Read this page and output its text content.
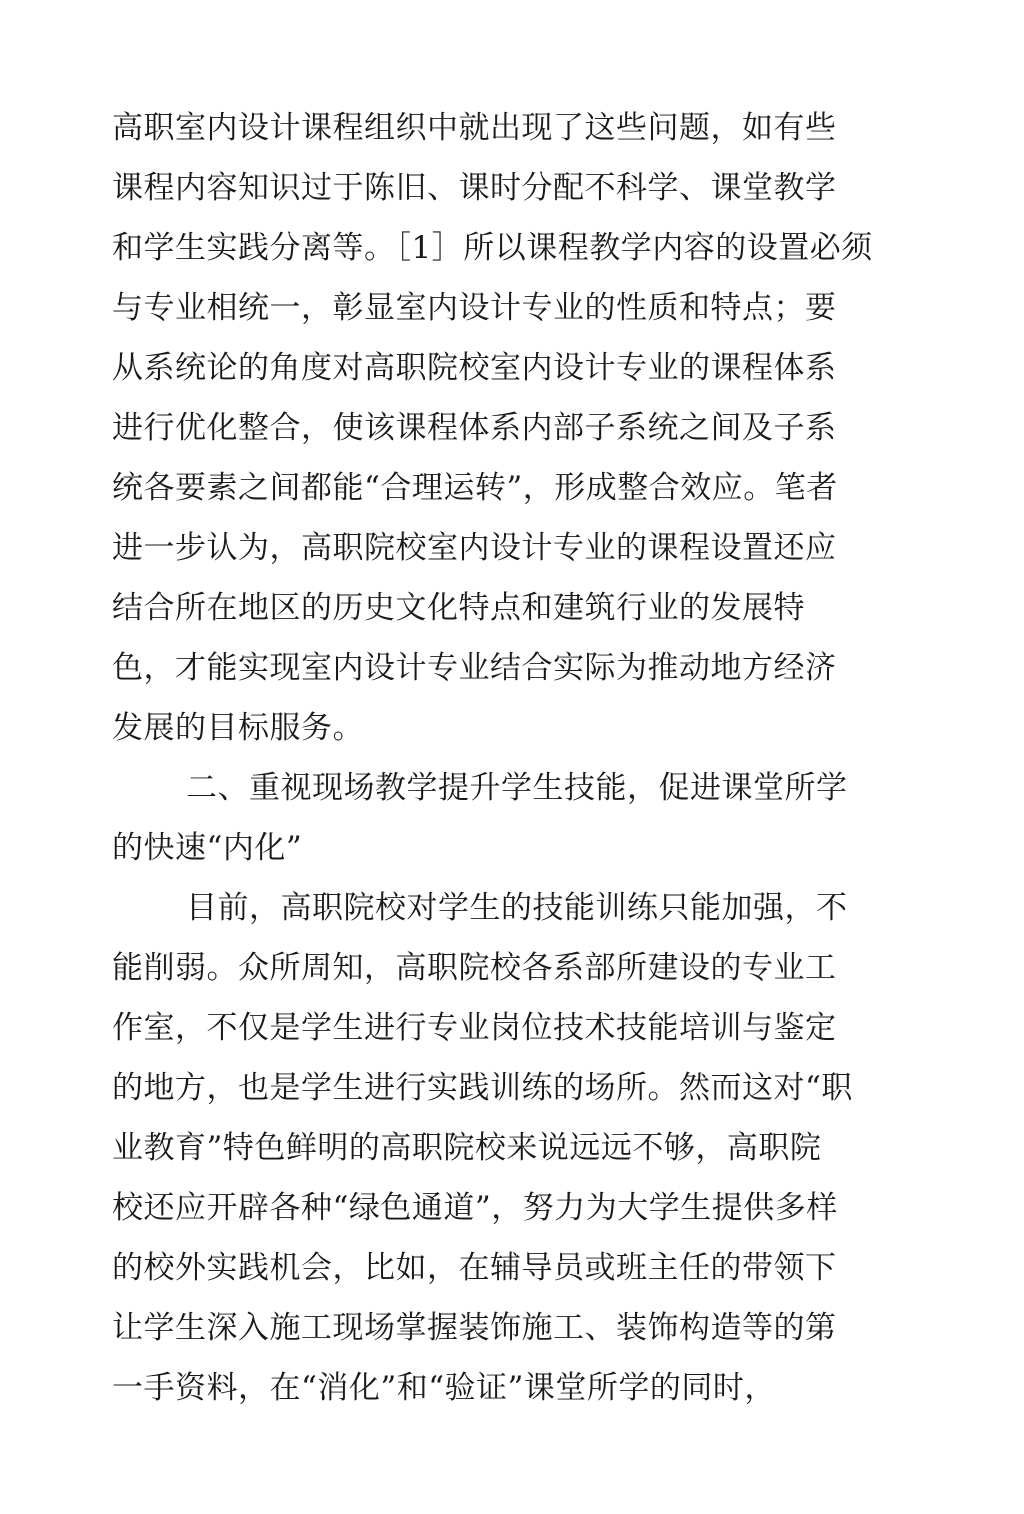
高职室内设计课程组织中就出现了这些问题，如有些
课程内容知识过于陈旧、课时分配不科学、课堂教学
和学生实践分离等。［1］所以课程教学内容的设置必须
与专业相统一，彰显室内设计专业的性质和特点；要
从系统论的角度对高职院校室内设计专业的课程体系
进行优化整合，使该课程体系内部子系统之间及子系
统各要素之间都能“合理运转”，形成整合效应。笔者
进一步认为，高职院校室内设计专业的课程设置还应
结合所在地区的历史文化特点和建筑行业的发展特
色，才能实现室内设计专业结合实际为推动地方经济
发展的目标服务。
二、重视现场教学提升学生技能，促进课堂所学
的快速“内化”
目前，高职院校对学生的技能训练只能加强，不
能削弱。众所周知，高职院校各系部所建设的专业工
作室，不仅是学生进行专业岗位技术技能培训与鉴定
的地方，也是学生进行实践训练的场所。然而这对“职
业教育”特色鲜明的高职院校来说远远不够，高职院
校还应开辟各种“绿色通道”，努力为大学生提供多样
的校外实践机会，比如，在辅导员或班主任的带领下
让学生深入施工现场掌握装饰施工、装饰构造等的第
一手资料，在“消化”和“验证”课堂所学的同时，
